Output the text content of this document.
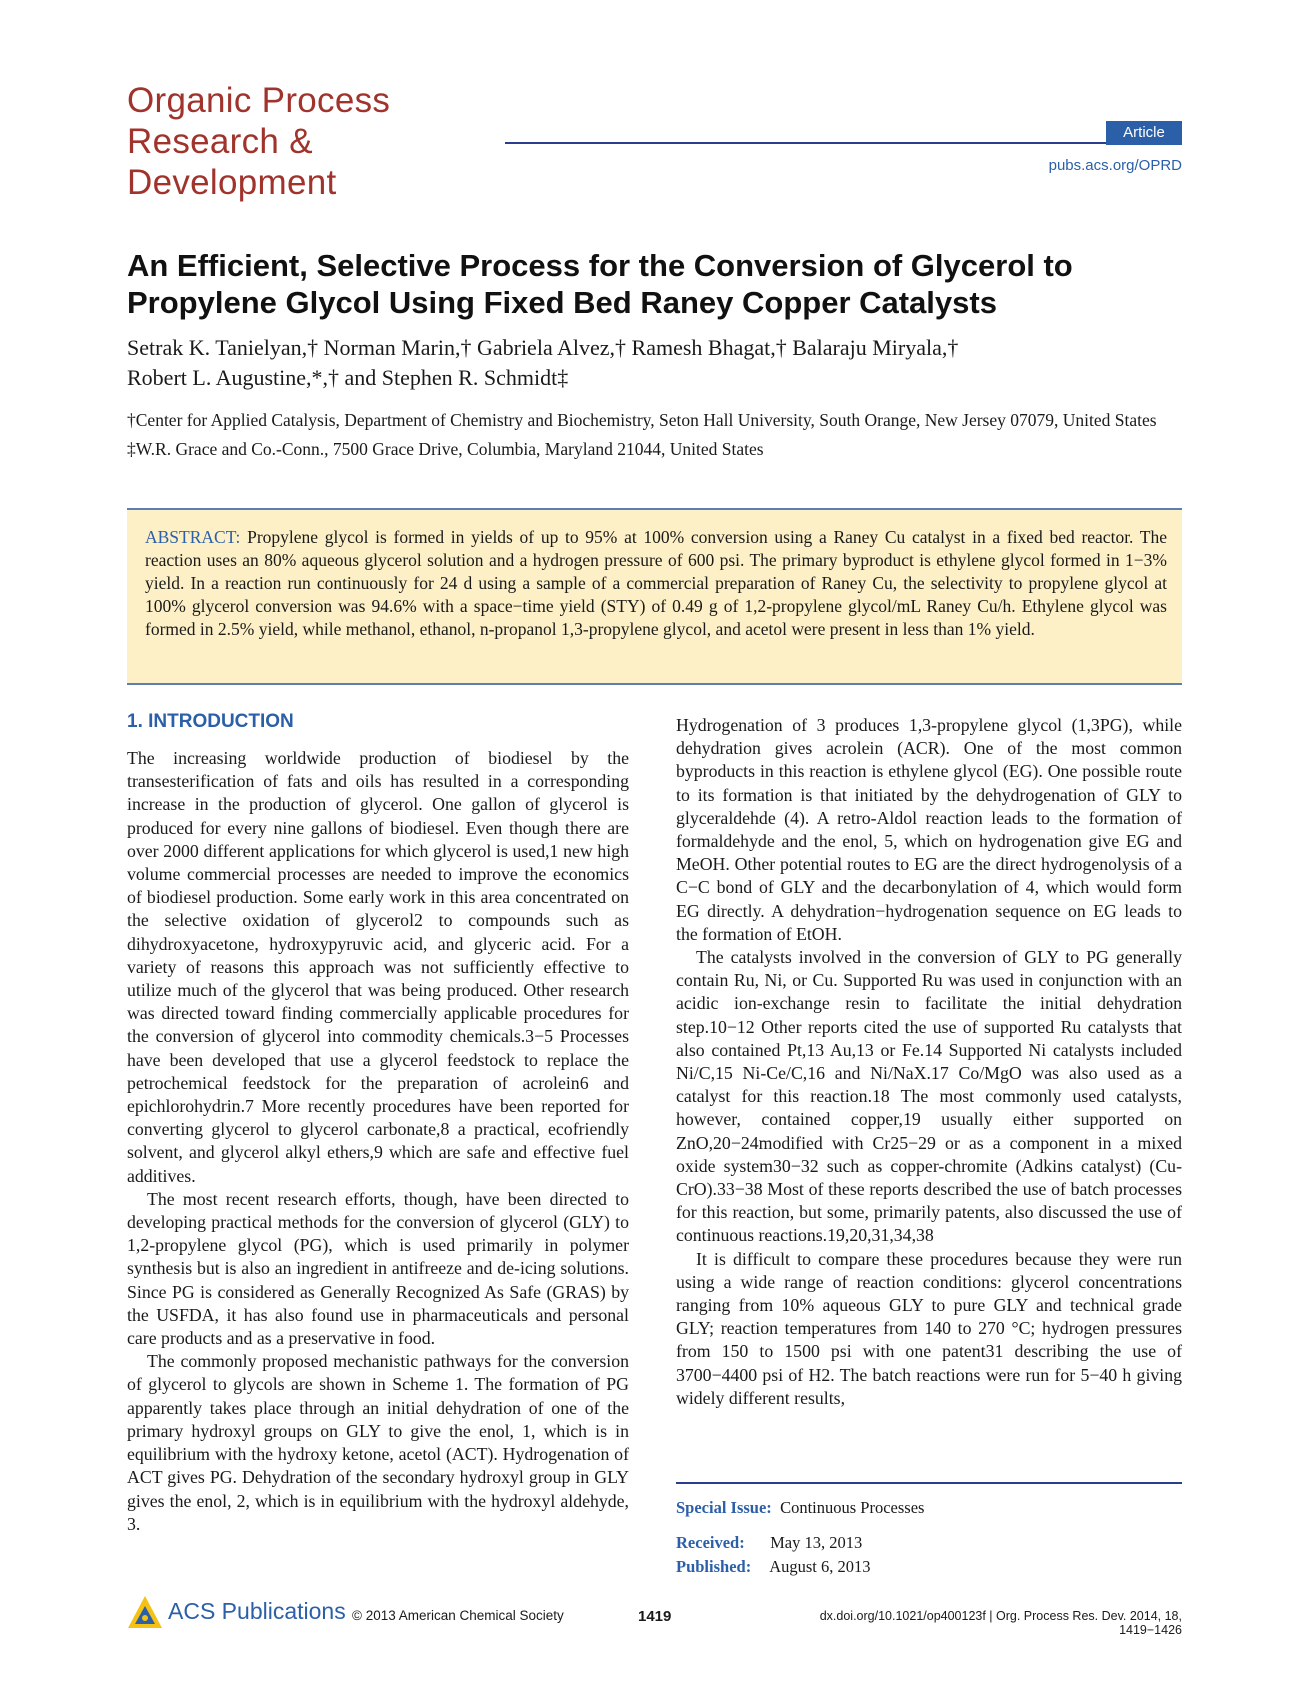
Organic Process
Research &
Development
Article
pubs.acs.org/OPRD
An Efficient, Selective Process for the Conversion of Glycerol to Propylene Glycol Using Fixed Bed Raney Copper Catalysts
Setrak K. Tanielyan,† Norman Marin,† Gabriela Alvez,† Ramesh Bhagat,† Balaraju Miryala,†
Robert L. Augustine,*,† and Stephen R. Schmidt‡

†Center for Applied Catalysis, Department of Chemistry and Biochemistry, Seton Hall University, South Orange, New Jersey 07079, United States

‡W.R. Grace and Co.-Conn., 7500 Grace Drive, Columbia, Maryland 21044, United States

ABSTRACT: Propylene glycol is formed in yields of up to 95% at 100% conversion using a Raney Cu catalyst in a fixed bed reactor. The reaction uses an 80% aqueous glycerol solution and a hydrogen pressure of 600 psi. The primary byproduct is ethylene glycol formed in 1−3% yield. In a reaction run continuously for 24 d using a sample of a commercial preparation of Raney Cu, the selectivity to propylene glycol at 100% glycerol conversion was 94.6% with a space−time yield (STY) of 0.49 g of 1,2-propylene glycol/mL Raney Cu/h. Ethylene glycol was formed in 2.5% yield, while methanol, ethanol, n-propanol 1,3-propylene glycol, and acetol were present in less than 1% yield.
1. INTRODUCTION

The increasing worldwide production of biodiesel by the transesterification of fats and oils has resulted in a corresponding increase in the production of glycerol. One gallon of glycerol is produced for every nine gallons of biodiesel. Even though there are over 2000 different applications for which glycerol is used,1 new high volume commercial processes are needed to improve the economics of biodiesel production. Some early work in this area concentrated on the selective oxidation of glycerol2 to compounds such as dihydroxyacetone, hydroxypyruvic acid, and glyceric acid. For a variety of reasons this approach was not sufficiently effective to utilize much of the glycerol that was being produced. Other research was directed toward finding commercially applicable procedures for the conversion of glycerol into commodity chemicals.3−5 Processes have been developed that use a glycerol feedstock to replace the petrochemical feedstock for the preparation of acrolein6 and epichlorohydrin.7 More recently procedures have been reported for converting glycerol to glycerol carbonate,8 a practical, ecofriendly solvent, and glycerol alkyl ethers,9 which are safe and effective fuel additives.

The most recent research efforts, though, have been directed to developing practical methods for the conversion of glycerol (GLY) to 1,2-propylene glycol (PG), which is used primarily in polymer synthesis but is also an ingredient in antifreeze and de-icing solutions. Since PG is considered as Generally Recognized As Safe (GRAS) by the USFDA, it has also found use in pharmaceuticals and personal care products and as a preservative in food.

The commonly proposed mechanistic pathways for the conversion of glycerol to glycols are shown in Scheme 1. The formation of PG apparently takes place through an initial dehydration of one of the primary hydroxyl groups on GLY to give the enol, 1, which is in equilibrium with the hydroxy ketone, acetol (ACT). Hydrogenation of ACT gives PG. Dehydration of the secondary hydroxyl group in GLY gives the enol, 2, which is in equilibrium with the hydroxyl aldehyde, 3.

Hydrogenation of 3 produces 1,3-propylene glycol (1,3PG), while dehydration gives acrolein (ACR). One of the most common byproducts in this reaction is ethylene glycol (EG). One possible route to its formation is that initiated by the dehydrogenation of GLY to glyceraldehde (4). A retro-Aldol reaction leads to the formation of formaldehyde and the enol, 5, which on hydrogenation give EG and MeOH. Other potential routes to EG are the direct hydrogenolysis of a C−C bond of GLY and the decarbonylation of 4, which would form EG directly. A dehydration−hydrogenation sequence on EG leads to the formation of EtOH.

The catalysts involved in the conversion of GLY to PG generally contain Ru, Ni, or Cu. Supported Ru was used in conjunction with an acidic ion-exchange resin to facilitate the initial dehydration step.10−12 Other reports cited the use of supported Ru catalysts that also contained Pt,13 Au,13 or Fe.14 Supported Ni catalysts included Ni/C,15 Ni-Ce/C,16 and Ni/NaX.17 Co/MgO was also used as a catalyst for this reaction.18 The most commonly used catalysts, however, contained copper,19 usually either supported on ZnO,20−24modified with Cr25−29 or as a component in a mixed oxide system30−32 such as copper-chromite (Adkins catalyst) (Cu-CrO).33−38 Most of these reports described the use of batch processes for this reaction, but some, primarily patents, also discussed the use of continuous reactions.19,20,31,34,38

It is difficult to compare these procedures because they were run using a wide range of reaction conditions: glycerol concentrations ranging from 10% aqueous GLY to pure GLY and technical grade GLY; reaction temperatures from 140 to 270 °C; hydrogen pressures from 150 to 1500 psi with one patent31 describing the use of 3700−4400 psi of H2. The batch reactions were run for 5−40 h giving widely different results,

Special Issue: Continuous Processes
Received: May 13, 2013
Published: August 6, 2013
ACS Publications © 2013 American Chemical Society	1419	dx.doi.org/10.1021/op400123f | Org. Process Res. Dev. 2014, 18, 1419−1426
